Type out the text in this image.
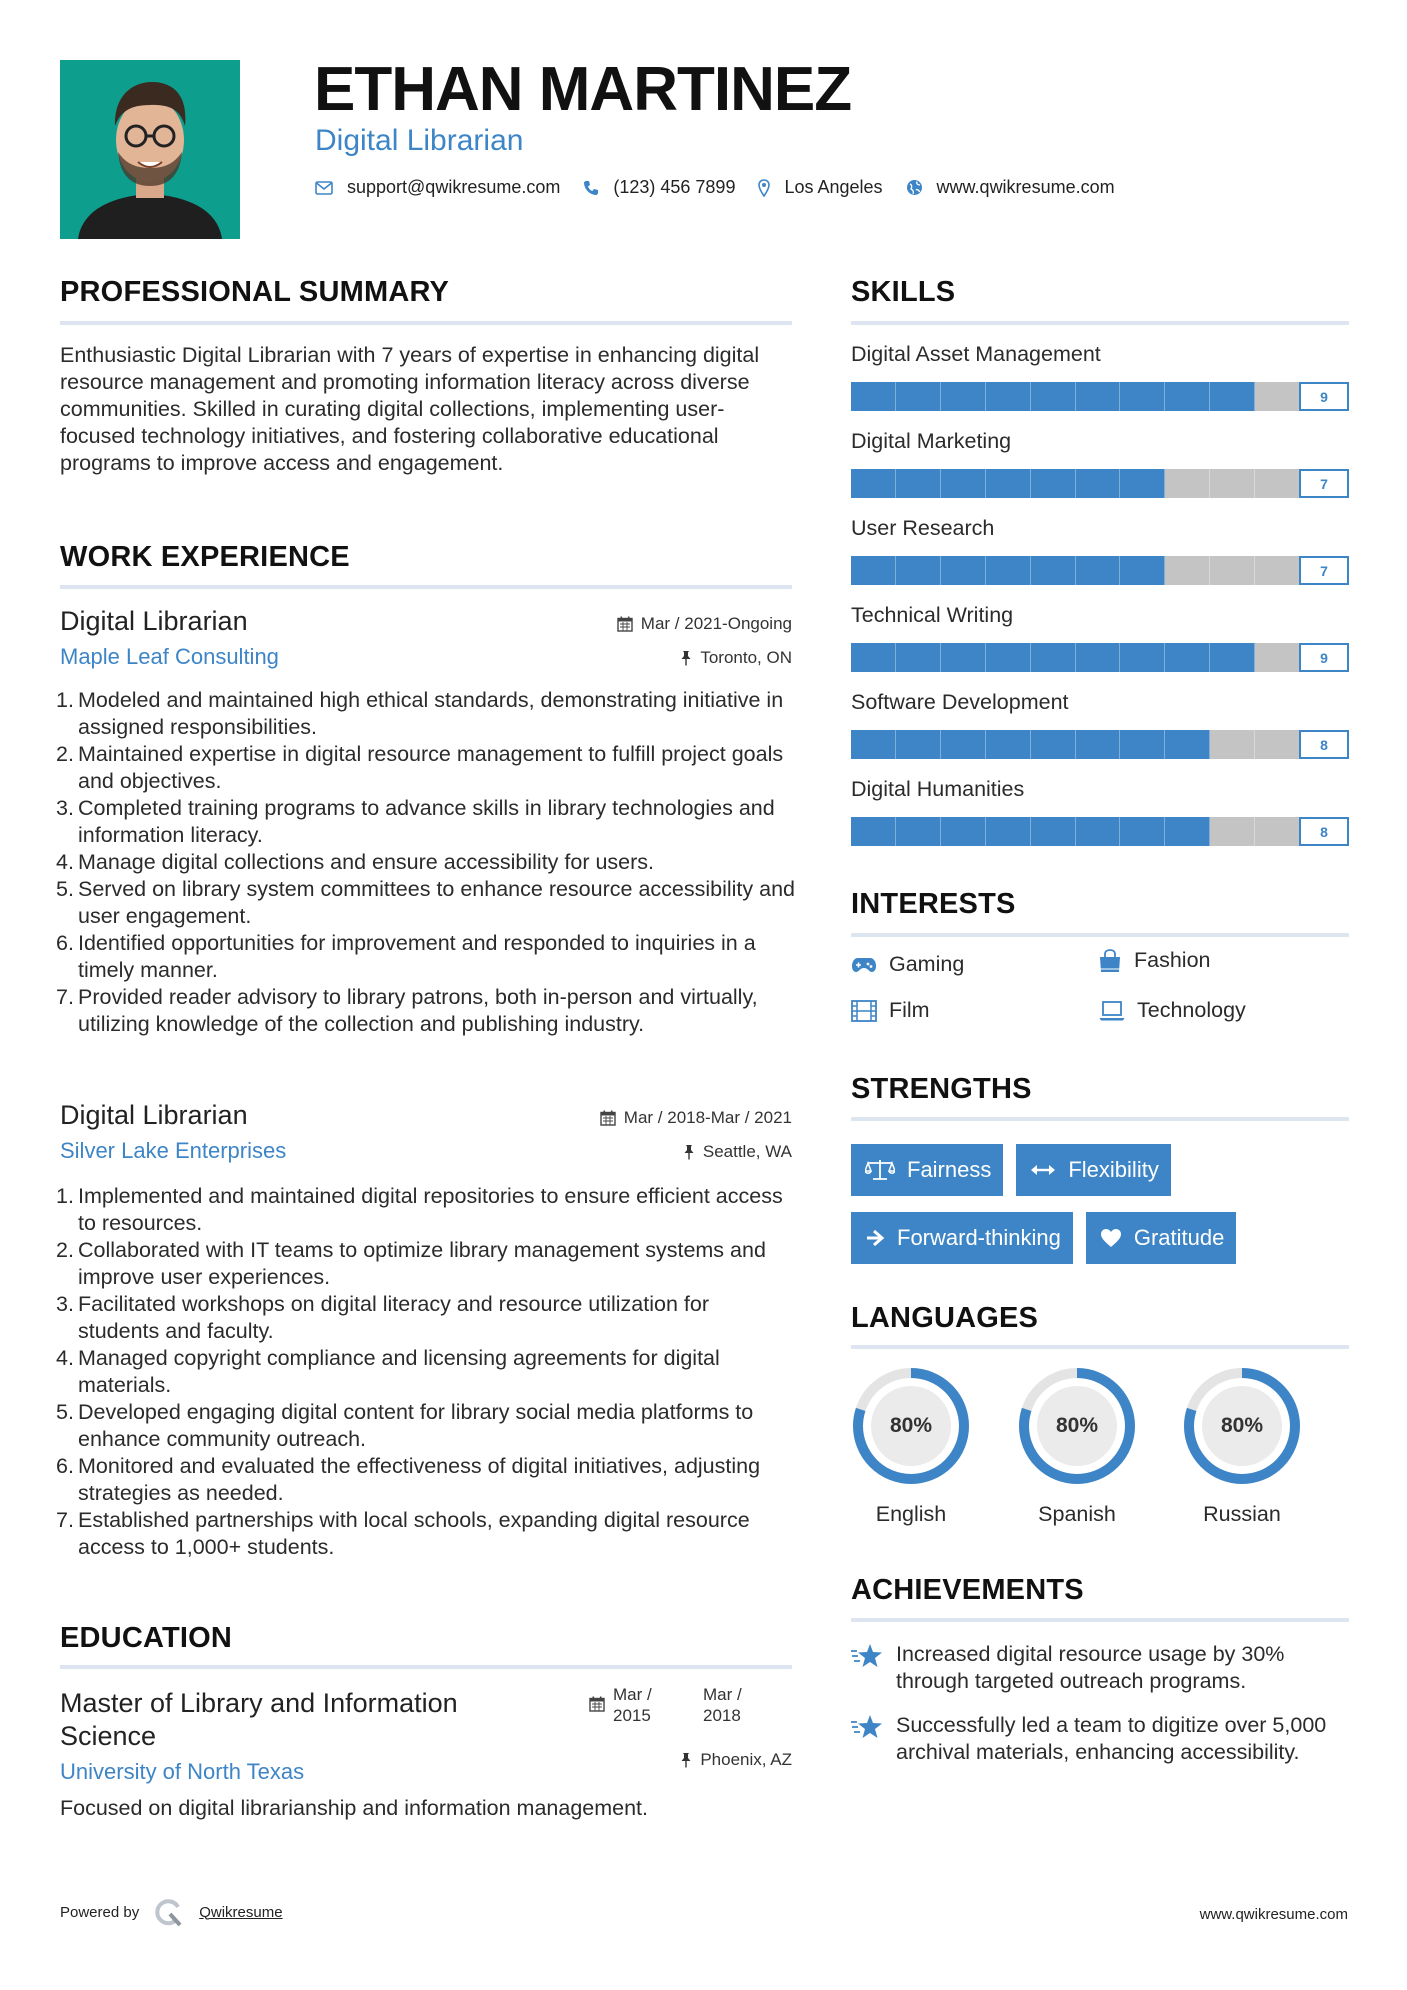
ETHAN MARTINEZ
Digital Librarian
support@qwikresume.com	(123) 456 7899	Los Angeles	www.qwikresume.com
PROFESSIONAL SUMMARY
Enthusiastic Digital Librarian with 7 years of expertise in enhancing digital resource management and promoting information literacy across diverse communities. Skilled in curating digital collections, implementing user-focused technology initiatives, and fostering collaborative educational programs to improve access and engagement.
WORK EXPERIENCE
Digital Librarian
Maple Leaf Consulting
Mar / 2021-Ongoing
Toronto, ON
1. Modeled and maintained high ethical standards, demonstrating initiative in assigned responsibilities.
2. Maintained expertise in digital resource management to fulfill project goals and objectives.
3. Completed training programs to advance skills in library technologies and information literacy.
4. Manage digital collections and ensure accessibility for users.
5. Served on library system committees to enhance resource accessibility and user engagement.
6. Identified opportunities for improvement and responded to inquiries in a timely manner.
7. Provided reader advisory to library patrons, both in-person and virtually, utilizing knowledge of the collection and publishing industry.
Digital Librarian
Silver Lake Enterprises
Mar / 2018-Mar / 2021
Seattle, WA
1. Implemented and maintained digital repositories to ensure efficient access to resources.
2. Collaborated with IT teams to optimize library management systems and improve user experiences.
3. Facilitated workshops on digital literacy and resource utilization for students and faculty.
4. Managed copyright compliance and licensing agreements for digital materials.
5. Developed engaging digital content for library social media platforms to enhance community outreach.
6. Monitored and evaluated the effectiveness of digital initiatives, adjusting strategies as needed.
7. Established partnerships with local schools, expanding digital resource access to 1,000+ students.
EDUCATION
Master of Library and Information Science
Mar / 2015
Mar / 2018
University of North Texas	Phoenix, AZ
Focused on digital librarianship and information management.
SKILLS
Digital Asset Management
9
Digital Marketing
7
User Research
7
Technical Writing
9
Software Development
8
Digital Humanities
8
INTERESTS
Gaming	Fashion
Film	Technology
STRENGTHS
Fairness	Flexibility
Forward-thinking	Gratitude
LANGUAGES
80%
English
80%
Spanish
80%
Russian
ACHIEVEMENTS
Increased digital resource usage by 30% through targeted outreach programs.
Successfully led a team to digitize over 5,000 archival materials, enhancing accessibility.
Powered by	Qwikresume	www.qwikresume.com
